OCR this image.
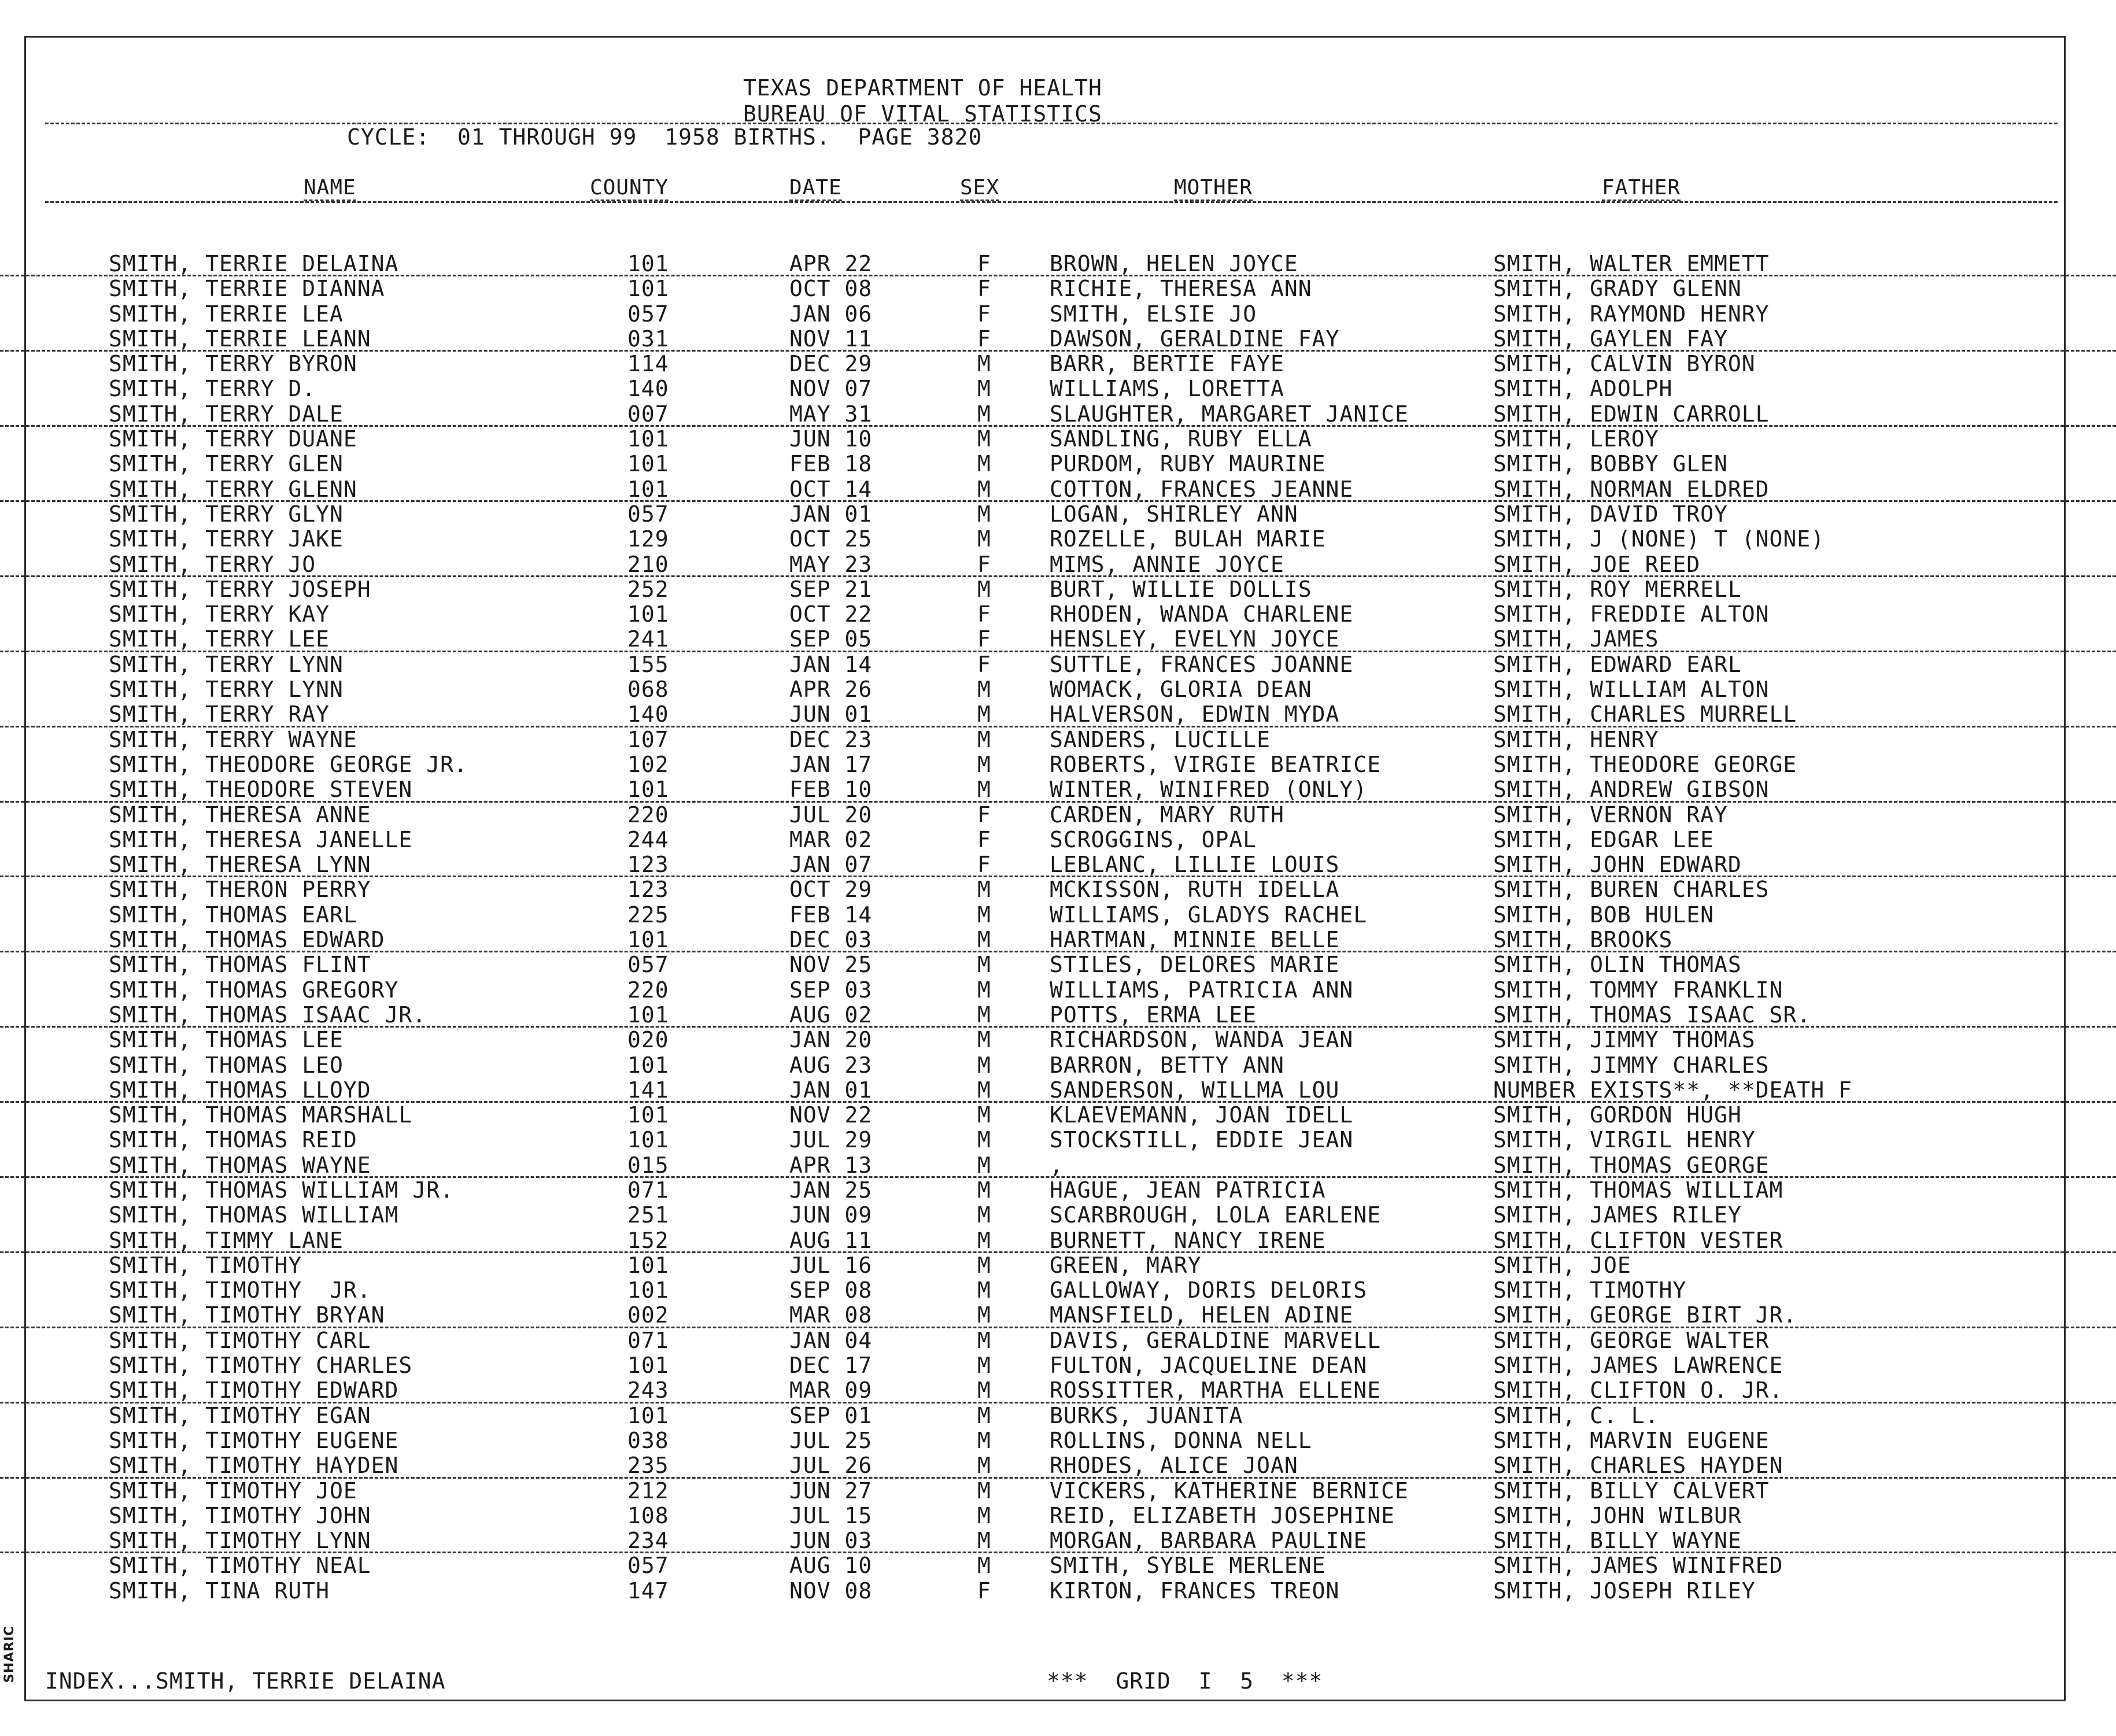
SHARIC
TEXAS DEPARTMENT OF HEALTH
BUREAU OF VITAL STATISTICS
CYCLE:  01 THROUGH 99  1958 BIRTHS.  PAGE 3820
NAME	COUNTY	DATE	SEX	MOTHER	FATHER
SMITH, TERRIE DELAINA	101	APR 22	F	BROWN, HELEN JOYCE	SMITH, WALTER EMMETT
SMITH, TERRIE DIANNA	101	OCT 08	F	RICHIE, THERESA ANN	SMITH, GRADY GLENN
SMITH, TERRIE LEA	057	JAN 06	F	SMITH, ELSIE JO	SMITH, RAYMOND HENRY
SMITH, TERRIE LEANN	031	NOV 11	F	DAWSON, GERALDINE FAY	SMITH, GAYLEN FAY
SMITH, TERRY BYRON	114	DEC 29	M	BARR, BERTIE FAYE	SMITH, CALVIN BYRON
SMITH, TERRY D.	140	NOV 07	M	WILLIAMS, LORETTA	SMITH, ADOLPH
SMITH, TERRY DALE	007	MAY 31	M	SLAUGHTER, MARGARET JANICE	SMITH, EDWIN CARROLL
SMITH, TERRY DUANE	101	JUN 10	M	SANDLING, RUBY ELLA	SMITH, LEROY
SMITH, TERRY GLEN	101	FEB 18	M	PURDOM, RUBY MAURINE	SMITH, BOBBY GLEN
SMITH, TERRY GLENN	101	OCT 14	M	COTTON, FRANCES JEANNE	SMITH, NORMAN ELDRED
SMITH, TERRY GLYN	057	JAN 01	M	LOGAN, SHIRLEY ANN	SMITH, DAVID TROY
SMITH, TERRY JAKE	129	OCT 25	M	ROZELLE, BULAH MARIE	SMITH, J (NONE) T (NONE)
SMITH, TERRY JO	210	MAY 23	F	MIMS, ANNIE JOYCE	SMITH, JOE REED
SMITH, TERRY JOSEPH	252	SEP 21	M	BURT, WILLIE DOLLIS	SMITH, ROY MERRELL
SMITH, TERRY KAY	101	OCT 22	F	RHODEN, WANDA CHARLENE	SMITH, FREDDIE ALTON
SMITH, TERRY LEE	241	SEP 05	F	HENSLEY, EVELYN JOYCE	SMITH, JAMES
SMITH, TERRY LYNN	155	JAN 14	F	SUTTLE, FRANCES JOANNE	SMITH, EDWARD EARL
SMITH, TERRY LYNN	068	APR 26	M	WOMACK, GLORIA DEAN	SMITH, WILLIAM ALTON
SMITH, TERRY RAY	140	JUN 01	M	HALVERSON, EDWIN MYDA	SMITH, CHARLES MURRELL
SMITH, TERRY WAYNE	107	DEC 23	M	SANDERS, LUCILLE	SMITH, HENRY
SMITH, THEODORE GEORGE JR.	102	JAN 17	M	ROBERTS, VIRGIE BEATRICE	SMITH, THEODORE GEORGE
SMITH, THEODORE STEVEN	101	FEB 10	M	WINTER, WINIFRED (ONLY)	SMITH, ANDREW GIBSON
SMITH, THERESA ANNE	220	JUL 20	F	CARDEN, MARY RUTH	SMITH, VERNON RAY
SMITH, THERESA JANELLE	244	MAR 02	F	SCROGGINS, OPAL	SMITH, EDGAR LEE
SMITH, THERESA LYNN	123	JAN 07	F	LEBLANC, LILLIE LOUIS	SMITH, JOHN EDWARD
SMITH, THERON PERRY	123	OCT 29	M	MCKISSON, RUTH IDELLA	SMITH, BUREN CHARLES
SMITH, THOMAS EARL	225	FEB 14	M	WILLIAMS, GLADYS RACHEL	SMITH, BOB HULEN
SMITH, THOMAS EDWARD	101	DEC 03	M	HARTMAN, MINNIE BELLE	SMITH, BROOKS
SMITH, THOMAS FLINT	057	NOV 25	M	STILES, DELORES MARIE	SMITH, OLIN THOMAS
SMITH, THOMAS GREGORY	220	SEP 03	M	WILLIAMS, PATRICIA ANN	SMITH, TOMMY FRANKLIN
SMITH, THOMAS ISAAC JR.	101	AUG 02	M	POTTS, ERMA LEE	SMITH, THOMAS ISAAC SR.
SMITH, THOMAS LEE	020	JAN 20	M	RICHARDSON, WANDA JEAN	SMITH, JIMMY THOMAS
SMITH, THOMAS LEO	101	AUG 23	M	BARRON, BETTY ANN	SMITH, JIMMY CHARLES
SMITH, THOMAS LLOYD	141	JAN 01	M	SANDERSON, WILLMA LOU	NUMBER EXISTS**, **DEATH F
SMITH, THOMAS MARSHALL	101	NOV 22	M	KLAEVEMANN, JOAN IDELL	SMITH, GORDON HUGH
SMITH, THOMAS REID	101	JUL 29	M	STOCKSTILL, EDDIE JEAN	SMITH, VIRGIL HENRY
SMITH, THOMAS WAYNE	015	APR 13	M	,	SMITH, THOMAS GEORGE
SMITH, THOMAS WILLIAM JR.	071	JAN 25	M	HAGUE, JEAN PATRICIA	SMITH, THOMAS WILLIAM
SMITH, THOMAS WILLIAM	251	JUN 09	M	SCARBROUGH, LOLA EARLENE	SMITH, JAMES RILEY
SMITH, TIMMY LANE	152	AUG 11	M	BURNETT, NANCY IRENE	SMITH, CLIFTON VESTER
SMITH, TIMOTHY	101	JUL 16	M	GREEN, MARY	SMITH, JOE
SMITH, TIMOTHY  JR.	101	SEP 08	M	GALLOWAY, DORIS DELORIS	SMITH, TIMOTHY
SMITH, TIMOTHY BRYAN	002	MAR 08	M	MANSFIELD, HELEN ADINE	SMITH, GEORGE BIRT JR.
SMITH, TIMOTHY CARL	071	JAN 04	M	DAVIS, GERALDINE MARVELL	SMITH, GEORGE WALTER
SMITH, TIMOTHY CHARLES	101	DEC 17	M	FULTON, JACQUELINE DEAN	SMITH, JAMES LAWRENCE
SMITH, TIMOTHY EDWARD	243	MAR 09	M	ROSSITTER, MARTHA ELLENE	SMITH, CLIFTON O. JR.
SMITH, TIMOTHY EGAN	101	SEP 01	M	BURKS, JUANITA	SMITH, C. L.
SMITH, TIMOTHY EUGENE	038	JUL 25	M	ROLLINS, DONNA NELL	SMITH, MARVIN EUGENE
SMITH, TIMOTHY HAYDEN	235	JUL 26	M	RHODES, ALICE JOAN	SMITH, CHARLES HAYDEN
SMITH, TIMOTHY JOE	212	JUN 27	M	VICKERS, KATHERINE BERNICE	SMITH, BILLY CALVERT
SMITH, TIMOTHY JOHN	108	JUL 15	M	REID, ELIZABETH JOSEPHINE	SMITH, JOHN WILBUR
SMITH, TIMOTHY LYNN	234	JUN 03	M	MORGAN, BARBARA PAULINE	SMITH, BILLY WAYNE
SMITH, TIMOTHY NEAL	057	AUG 10	M	SMITH, SYBLE MERLENE	SMITH, JAMES WINIFRED
SMITH, TINA RUTH	147	NOV 08	F	KIRTON, FRANCES TREON	SMITH, JOSEPH RILEY
INDEX...SMITH, TERRIE DELAINA	***  GRID  I  5  ***
